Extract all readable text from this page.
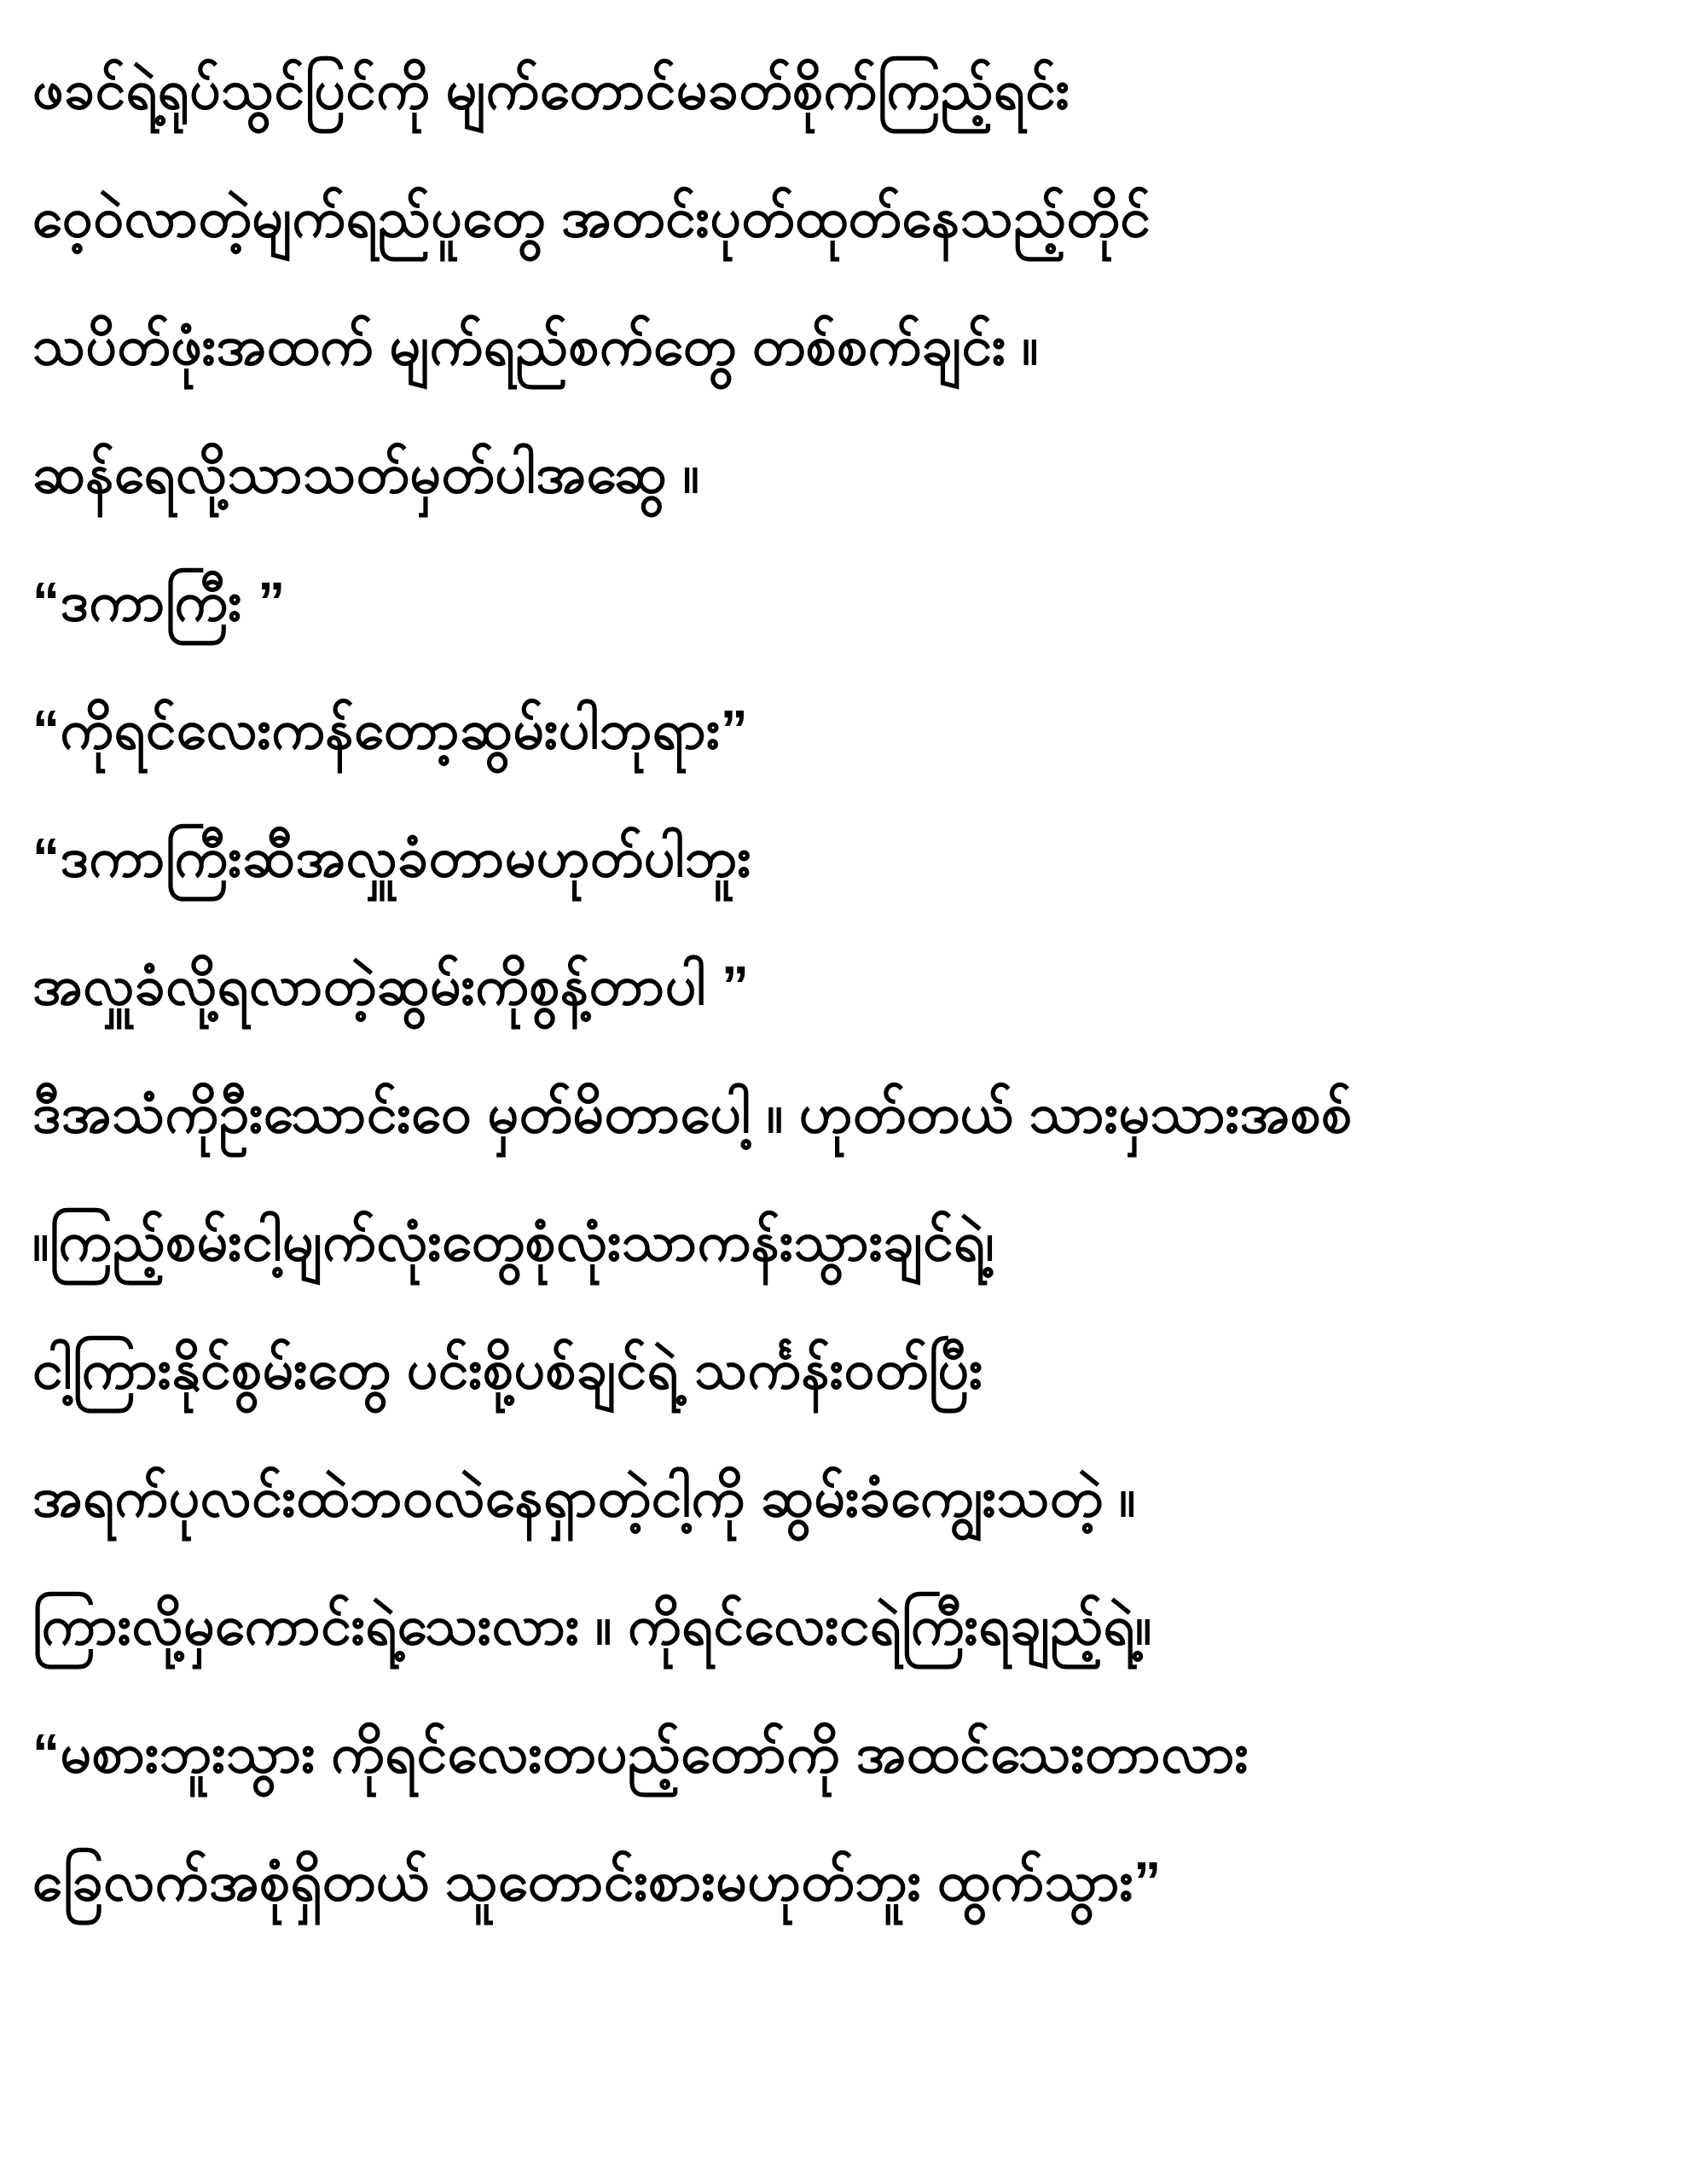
ဖခင်ရဲ့ရုပ်သွင်ပြင်ကို မျက်တောင်မခတ်စိုက်ကြည့်ရင်း

ဝေ့ဝဲလာတဲ့မျက်ရည်ပူတွေ အတင်းပုတ်ထုတ်နေသည့်တိုင်

သပိတ်ဖုံးအထက် မျက်ရည်စက်တွေ တစ်စက်ချင်း ။

ဆန်ရေလို့သာသတ်မှတ်ပါအဆွေ ။

“ဒကာကြီး ”

“ကိုရင်လေးကန်တော့ဆွမ်းပါဘုရား”

“ဒကာကြီးဆီအလှူခံတာမဟုတ်ပါဘူး

အလှူခံလို့ရလာတဲ့ဆွမ်းကိုစွန့်တာပါ ”

ဒီအသံကိုဦးသောင်းဝေ မှတ်မိတာပေါ့ ။ ဟုတ်တယ် သားမှသားအစစ်

။ကြည့်စမ်းငါ့မျက်လုံးတွေစုံလုံးသာကန်းသွားချင်ရဲ့၊

ငါ့ကြားနိုင်စွမ်းတွေ ပင်းစို့ပစ်ချင်ရဲ့ သင်္ကန်းဝတ်ပြီး

အရက်ပုလင်းထဲဘဝလဲနေရှာတဲ့ငါ့ကို ဆွမ်းခံကျွေးသတဲ့ ။

ကြားလို့မှကောင်းရဲ့သေးလား ။ ကိုရင်လေးငရဲကြီးရချည့်ရဲ့။

“မစားဘူးသွား ကိုရင်လေးတပည့်တော်ကို အထင်သေးတာလား

ခြေလက်အစုံရှိတယ် သူတောင်းစားမဟုတ်ဘူး ထွက်သွား”
